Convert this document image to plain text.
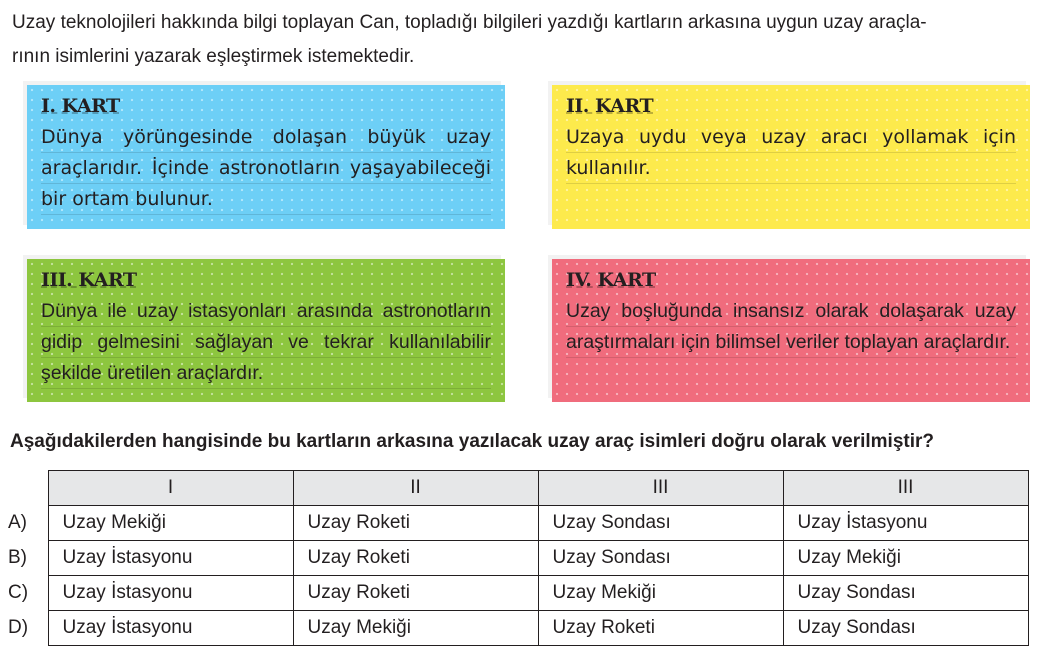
Uzay teknolojileri hakkında bilgi toplayan Can, topladığı bilgileri yazdığı kartların arkasına uygun uzay araçla-
rının isimlerini yazarak eşleştirmek istemektedir.
I. KART

Dünya yörüngesinde dolaşan büyük uzay araçlarıdır. İçinde astronotların yaşayabileceği bir ortam bulunur.

II. KART

Uzaya uydu veya uzay aracı yollamak için kullanılır.

III. KART

Dünya ile uzay istasyonları arasında astronotların gidip gelmesini sağlayan ve tekrar kullanılabilir şekilde üretilen araçlardır.

IV. KART

Uzay boşluğunda insansız olarak dolaşarak uzay araştırmaları için bilimsel veriler toplayan araçlardır.

Aşağıdakilerden hangisinde bu kartların arkasına yazılacak uzay araç isimleri doğru olarak verilmiştir?

	I	II	III	III
A)	Uzay Mekiği	Uzay Roketi	Uzay Sondası	Uzay İstasyonu
B)	Uzay İstasyonu	Uzay Roketi	Uzay Sondası	Uzay Mekiği
C)	Uzay İstasyonu	Uzay Roketi	Uzay Mekiği	Uzay Sondası
D)	Uzay İstasyonu	Uzay Mekiği	Uzay Roketi	Uzay Sondası
